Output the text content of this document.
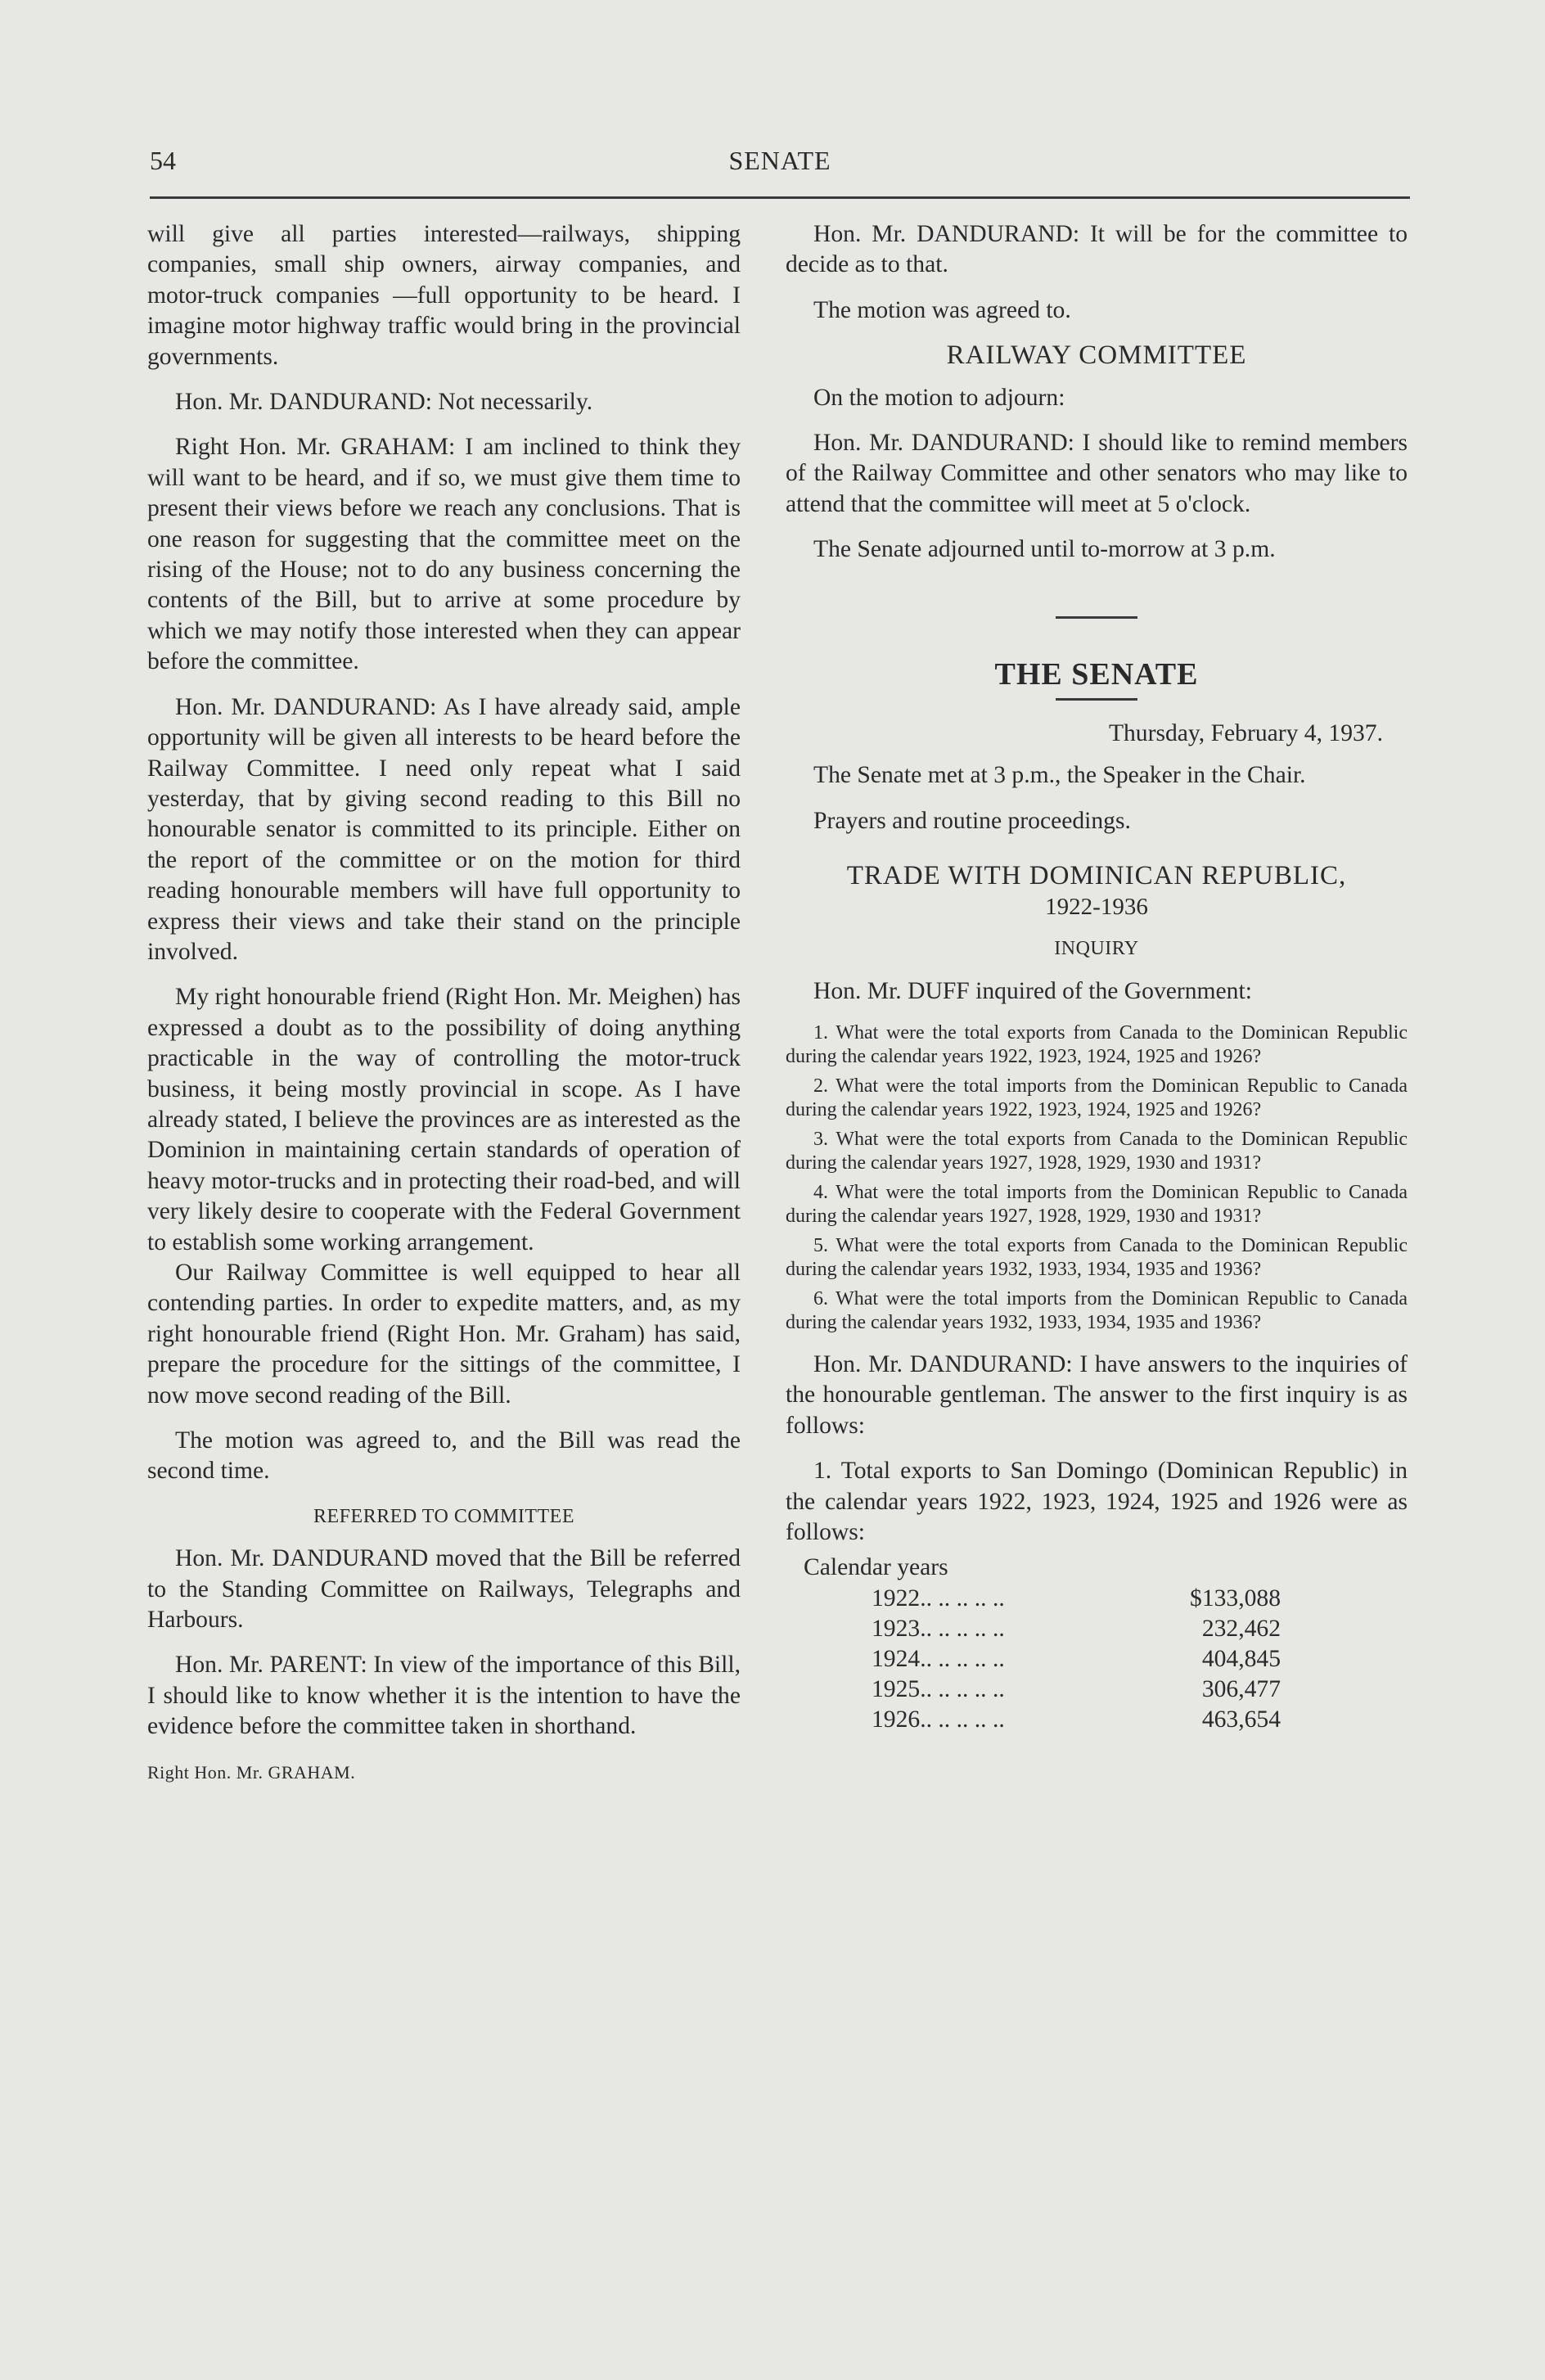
54	SENATE

will give all parties interested—railways, shipping companies, small ship owners, airway companies, and motor-truck companies —full opportunity to be heard. I imagine motor highway traffic would bring in the provincial governments.

Hon. Mr. DANDURAND: Not necessarily.

Right Hon. Mr. GRAHAM: I am inclined to think they will want to be heard, and if so, we must give them time to present their views before we reach any conclusions. That is one reason for suggesting that the committee meet on the rising of the House; not to do any business concerning the contents of the Bill, but to arrive at some procedure by which we may notify those interested when they can appear before the committee.

Hon. Mr. DANDURAND: As I have already said, ample opportunity will be given all interests to be heard before the Railway Committee. I need only repeat what I said yesterday, that by giving second reading to this Bill no honourable senator is committed to its principle. Either on the report of the committee or on the motion for third reading honourable members will have full opportunity to express their views and take their stand on the principle involved.

My right honourable friend (Right Hon. Mr. Meighen) has expressed a doubt as to the possibility of doing anything practicable in the way of controlling the motor-truck business, it being mostly provincial in scope. As I have already stated, I believe the provinces are as interested as the Dominion in maintaining certain standards of operation of heavy motor-trucks and in protecting their road-bed, and will very likely desire to cooperate with the Federal Government to establish some working arrangement.

Our Railway Committee is well equipped to hear all contending parties. In order to expedite matters, and, as my right honourable friend (Right Hon. Mr. Graham) has said, prepare the procedure for the sittings of the committee, I now move second reading of the Bill.

The motion was agreed to, and the Bill was read the second time.

REFERRED TO COMMITTEE

Hon. Mr. DANDURAND moved that the Bill be referred to the Standing Committee on Railways, Telegraphs and Harbours.

Hon. Mr. PARENT: In view of the importance of this Bill, I should like to know whether it is the intention to have the evidence before the committee taken in shorthand.

Right Hon. Mr. GRAHAM.

Hon. Mr. DANDURAND: It will be for the committee to decide as to that.

The motion was agreed to.

RAILWAY COMMITTEE

On the motion to adjourn:

Hon. Mr. DANDURAND: I should like to remind members of the Railway Committee and other senators who may like to attend that the committee will meet at 5 o'clock.

The Senate adjourned until to-morrow at 3 p.m.

THE SENATE

Thursday, February 4, 1937.

The Senate met at 3 p.m., the Speaker in the Chair.

Prayers and routine proceedings.

TRADE WITH DOMINICAN REPUBLIC,
1922-1936
INQUIRY

Hon. Mr. DUFF inquired of the Government:

1. What were the total exports from Canada to the Dominican Republic during the calendar years 1922, 1923, 1924, 1925 and 1926?

2. What were the total imports from the Dominican Republic to Canada during the calendar years 1922, 1923, 1924, 1925 and 1926?

3. What were the total exports from Canada to the Dominican Republic during the calendar years 1927, 1928, 1929, 1930 and 1931?

4. What were the total imports from the Dominican Republic to Canada during the calendar years 1927, 1928, 1929, 1930 and 1931?

5. What were the total exports from Canada to the Dominican Republic during the calendar years 1932, 1933, 1934, 1935 and 1936?

6. What were the total imports from the Dominican Republic to Canada during the calendar years 1932, 1933, 1934, 1935 and 1936?

Hon. Mr. DANDURAND: I have answers to the inquiries of the honourable gentleman. The answer to the first inquiry is as follows:

1. Total exports to San Domingo (Dominican Republic) in the calendar years 1922, 1923, 1924, 1925 and 1926 were as follows:

Calendar years

1922.. .. .. .. ..	$133,088
1923.. .. .. .. ..	232,462
1924.. .. .. .. ..	404,845
1925.. .. .. .. ..	306,477
1926.. .. .. .. ..	463,654
